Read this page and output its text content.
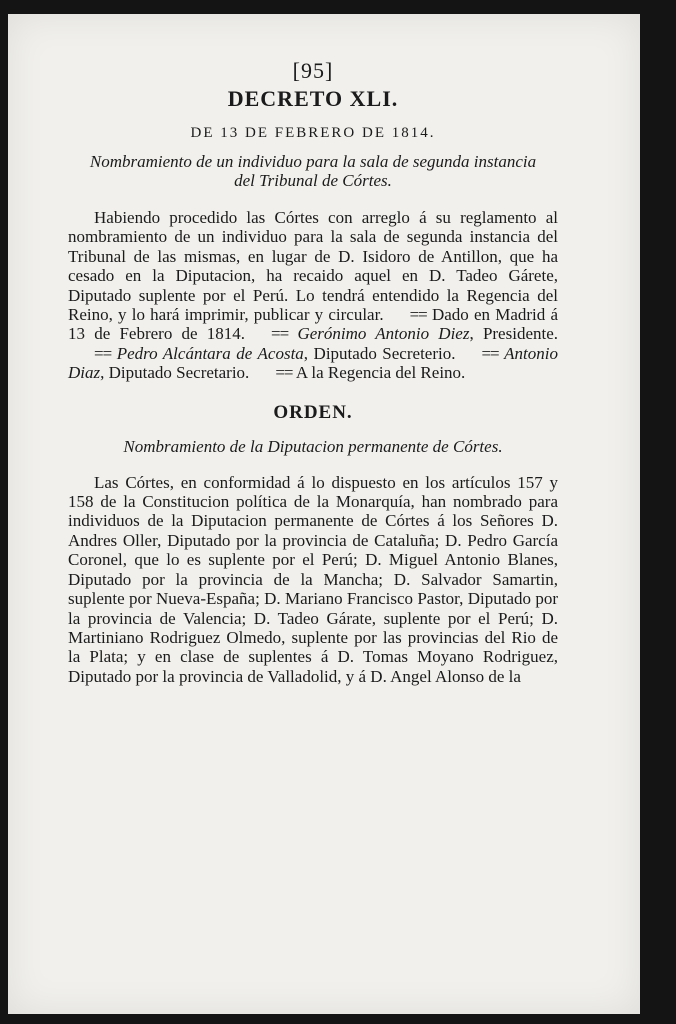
[95]

DECRETO XLI.

DE 13 DE FEBRERO DE 1814.

Nombramiento de un individuo para la sala de segunda instancia del Tribunal de Córtes.

Habiendo procedido las Córtes con arreglo á su reglamento al nombramiento de un individuo para la sala de segunda instancia del Tribunal de las mismas, en lugar de D. Isidoro de Antillon, que ha cesado en la Diputacion, ha recaido aquel en D. Tadeo Gárete, Diputado suplente por el Perú. Lo tendrá entendido la Regencia del Reino, y lo hará imprimir, publicar y circular. == Dado en Madrid á 13 de Febrero de 1814. == Gerónimo Antonio Diez, Presidente.== Pedro Alcántara de Acosta, Diputado Secreterio. == Antonio Diaz, Diputado Secretario. == A la Regencia del Reino.

ORDEN.

Nombramiento de la Diputacion permanente de Córtes.

Las Córtes, en conformidad á lo dispuesto en los artículos 157 y 158 de la Constitucion política de la Monarquía, han nombrado para individuos de la Diputacion permanente de Córtes á los Señores D. Andres Oller, Diputado por la provincia de Cataluña; D. Pedro García Coronel, que lo es suplente por el Perú; D. Miguel Antonio Blanes, Diputado por la provincia de la Mancha; D. Salvador Samartin, suplente por Nueva-España; D. Mariano Francisco Pastor, Diputado por la provincia de Valencia; D. Tadeo Gárate, suplente por el Perú; D. Martiniano Rodriguez Olmedo, suplente por las provincias del Rio de la Plata; y en clase de suplentes á D. Tomas Moyano Rodriguez, Diputado por la provincia de Valladolid, y á D. Angel Alonso de la
